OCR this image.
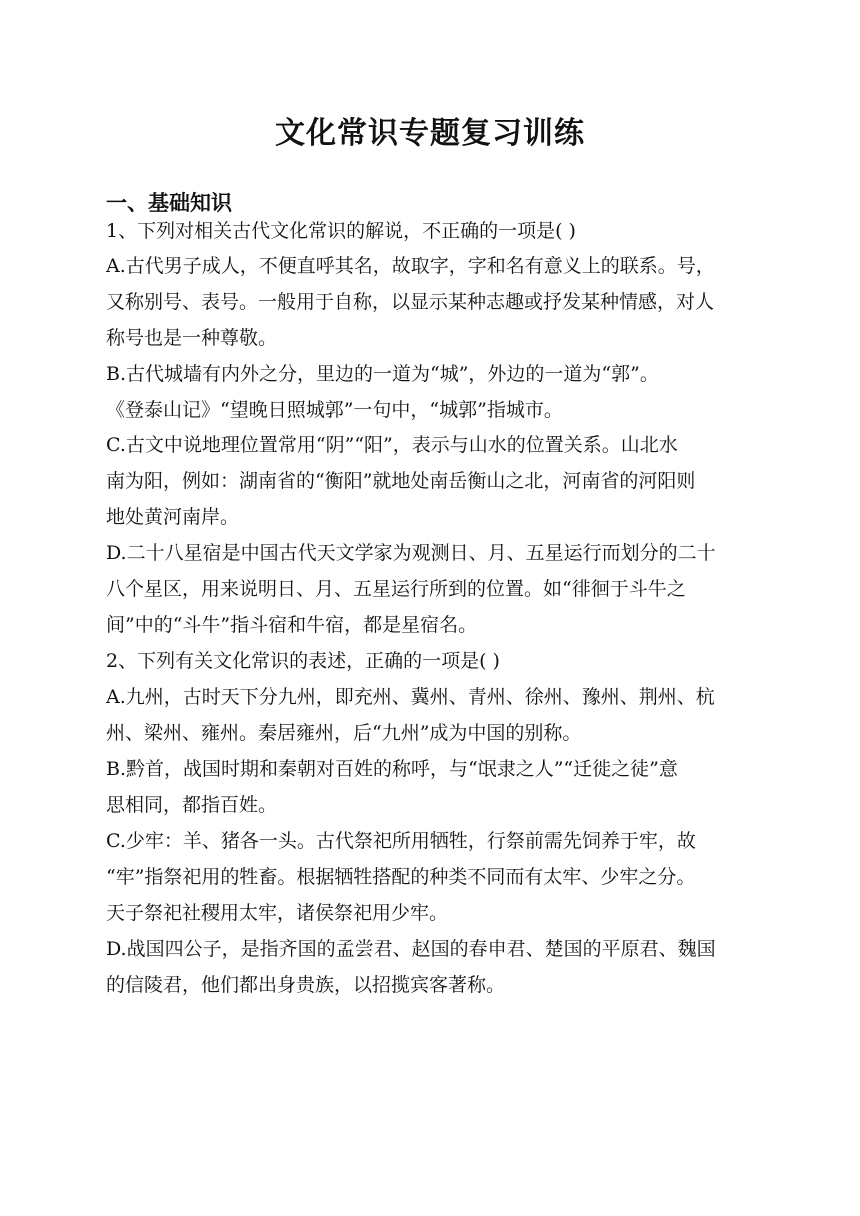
文化常识专题复习训练
一、基础知识
1、下列对相关古代文化常识的解说，不正确的一项是( )
A.古代男子成人，不便直呼其名，故取字，字和名有意义上的联系。号，
又称别号、表号。一般用于自称，以显示某种志趣或抒发某种情感，对人
称号也是一种尊敬。
B.古代城墙有内外之分，里边的一道为“城”，外边的一道为“郭”。
《登泰山记》“望晚日照城郭”一句中，“城郭”指城市。
C.古文中说地理位置常用“阴”“阳”，表示与山水的位置关系。山北水
南为阳，例如：湖南省的“衡阳”就地处南岳衡山之北，河南省的河阳则
地处黄河南岸。
D.二十八星宿是中国古代天文学家为观测日、月、五星运行而划分的二十
八个星区，用来说明日、月、五星运行所到的位置。如“徘徊于斗牛之
间”中的“斗牛”指斗宿和牛宿，都是星宿名。
2、下列有关文化常识的表述，正确的一项是( )
A.九州，古时天下分九州，即充州、冀州、青州、徐州、豫州、荆州、杭
州、梁州、雍州。秦居雍州，后“九州”成为中国的别称。
B.黔首，战国时期和秦朝对百姓的称呼，与“氓隶之人”“迁徙之徒”意
思相同，都指百姓。
C.少牢：羊、猪各一头。古代祭祀所用牺牲，行祭前需先饲养于牢，故
“牢”指祭祀用的牲畜。根据牺牲搭配的种类不同而有太牢、少牢之分。
天子祭祀社稷用太牢，诸侯祭祀用少牢。
D.战国四公子，是指齐国的孟尝君、赵国的春申君、楚国的平原君、魏国
的信陵君，他们都出身贵族，以招揽宾客著称。
